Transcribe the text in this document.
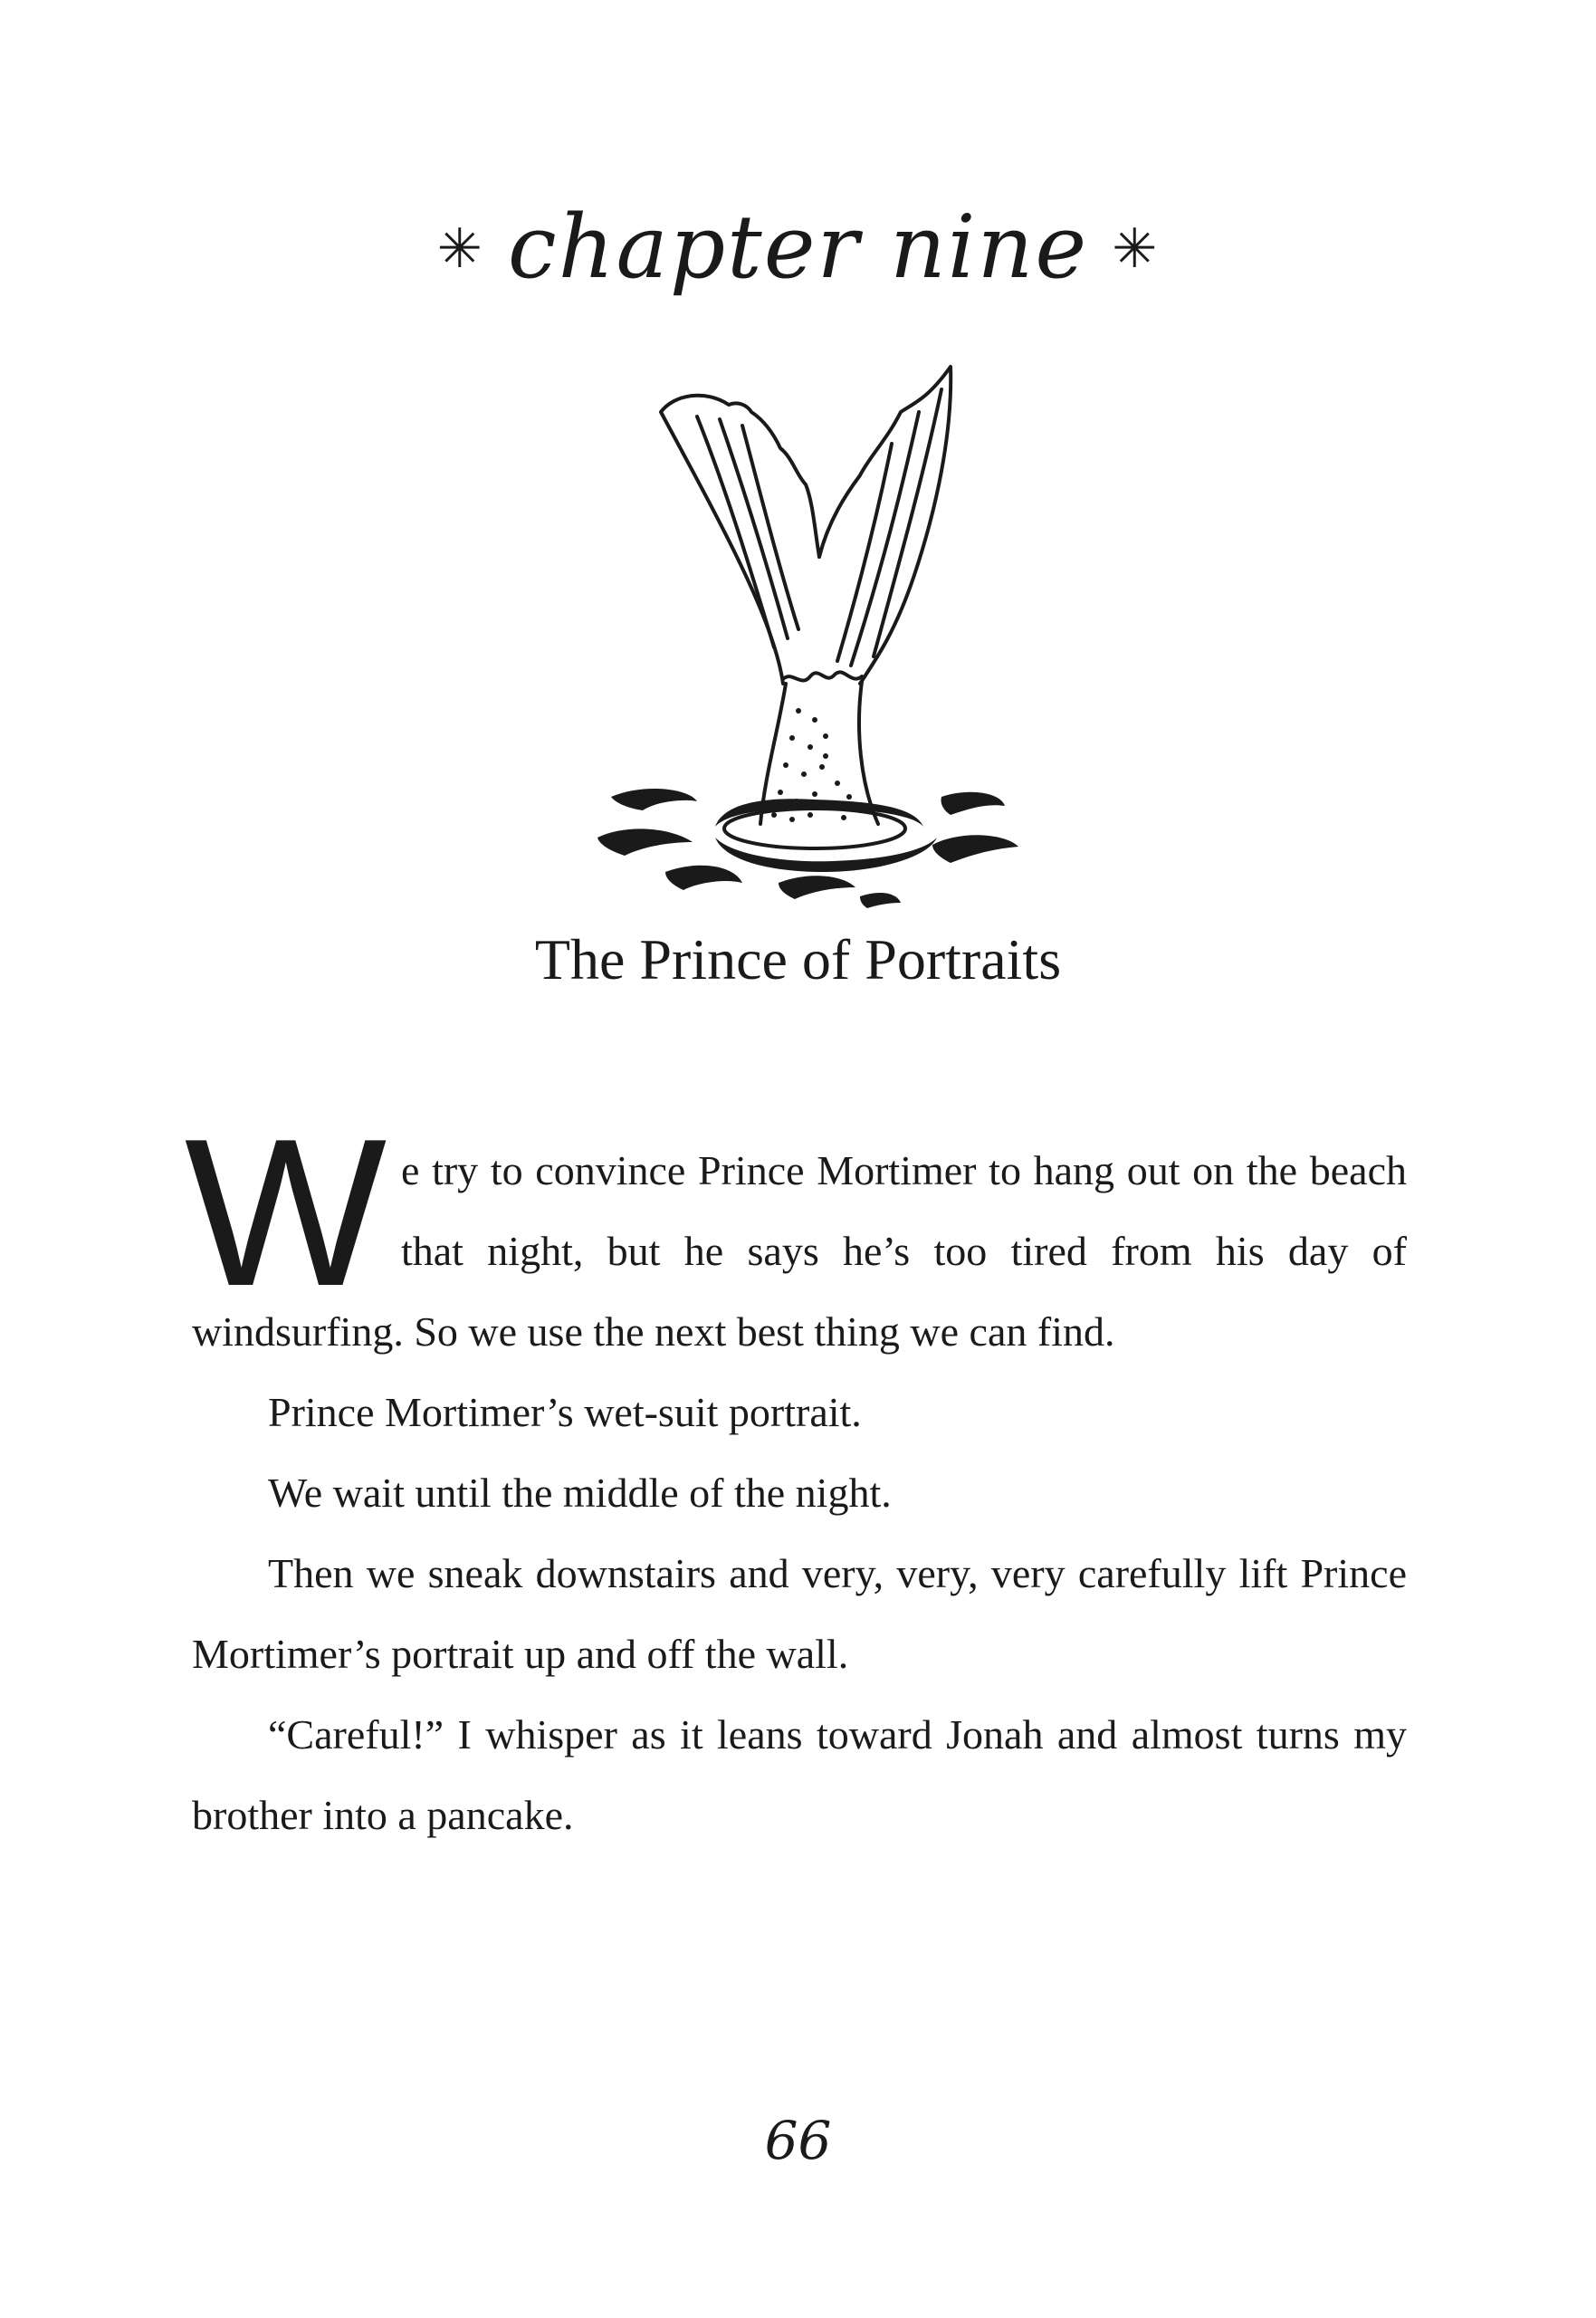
✳ chapter nine ✳
The Prince of Portraits

We try to convince Prince Mortimer to hang out on the beach that night, but he says he’s too tired from his day of windsurfing. So we use the next best thing we can find.

Prince Mortimer’s wet-suit portrait.

We wait until the middle of the night.

Then we sneak downstairs and very, very, very carefully lift Prince Mortimer’s portrait up and off the wall.

“Careful!” I whisper as it leans toward Jonah and almost turns my brother into a pancake.

66
